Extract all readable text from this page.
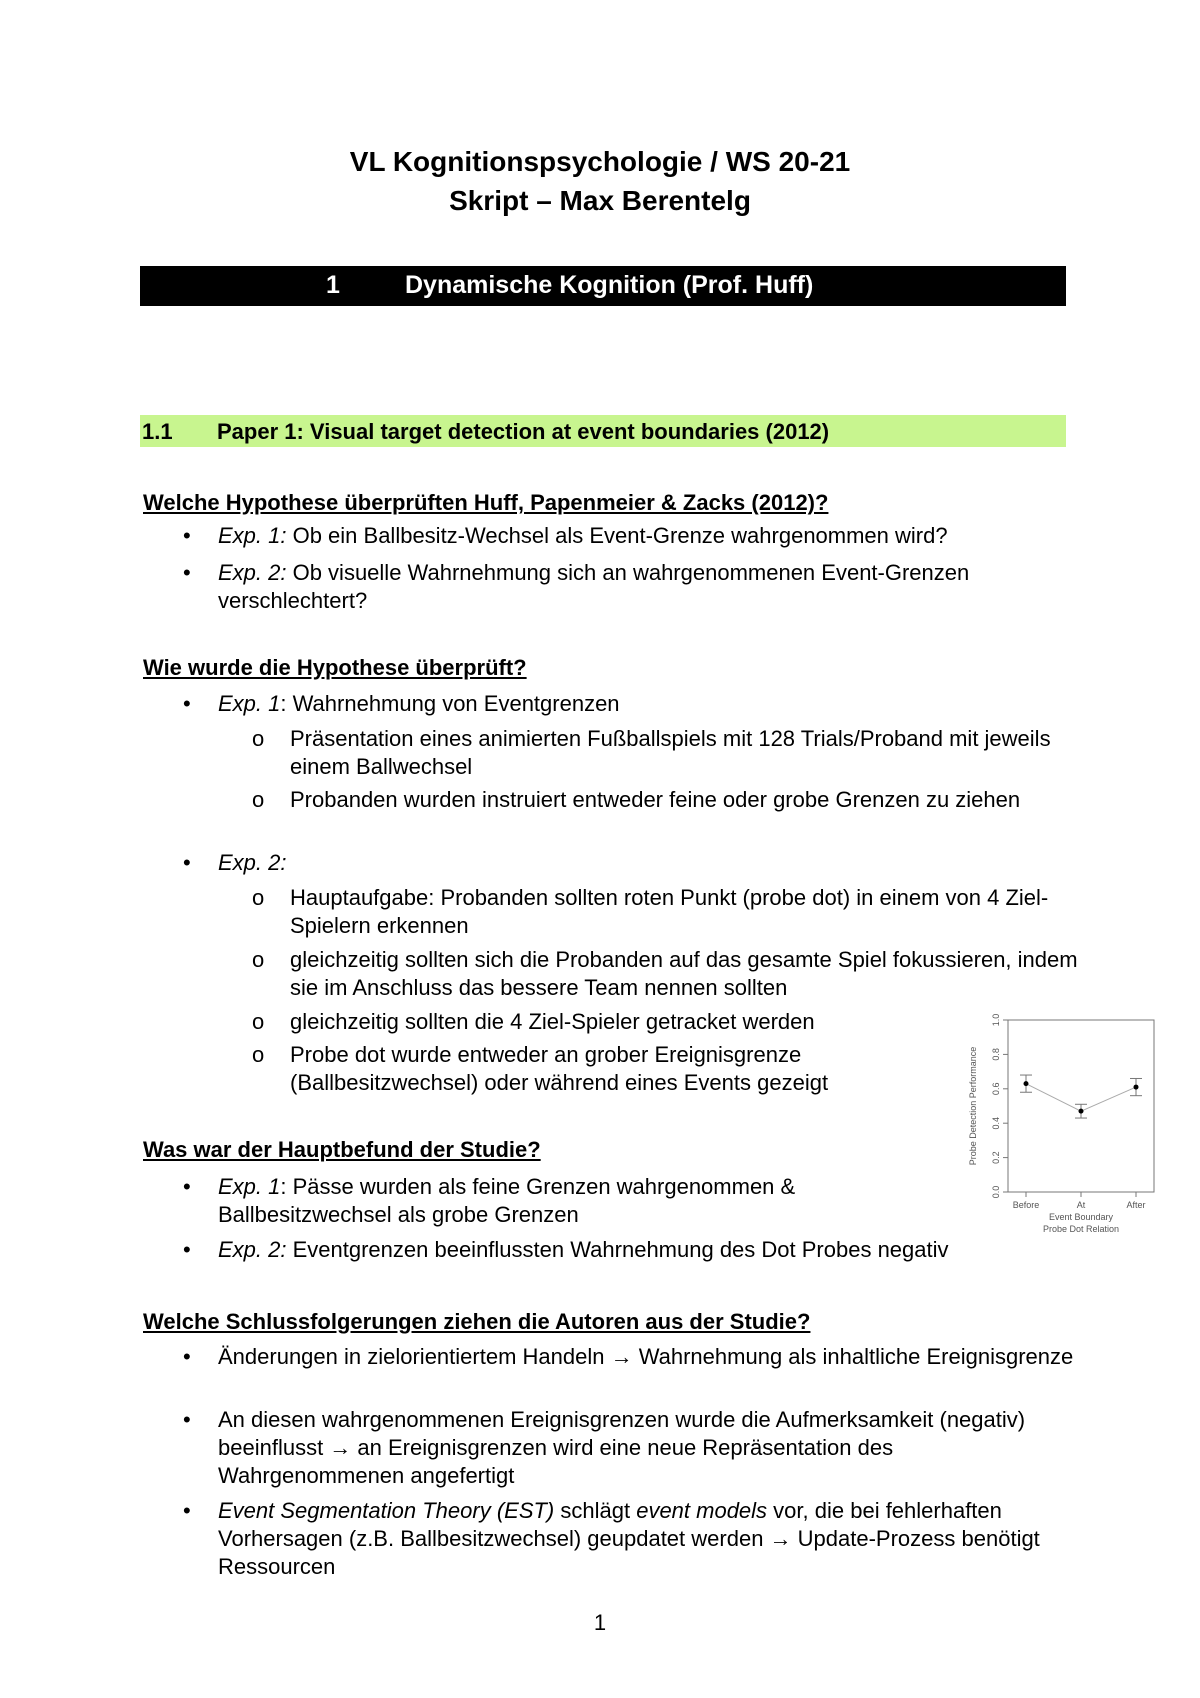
VL Kognitionspsychologie / WS 20-21
Skript – Max Berentelg
1	Dynamische Kognition (Prof. Huff)
1.1 Paper 1: Visual target detection at event boundaries (2012)
Welche Hypothese überprüften Huff, Papenmeier & Zacks (2012)?
• Exp. 1: Ob ein Ballbesitz-Wechsel als Event-Grenze wahrgenommen wird?
• Exp. 2: Ob visuelle Wahrnehmung sich an wahrgenommenen Event-Grenzen verschlechtert?
Wie wurde die Hypothese überprüft?
• Exp. 1: Wahrnehmung von Eventgrenzen
o Präsentation eines animierten Fußballspiels mit 128 Trials/Proband mit jeweils einem Ballwechsel
o Probanden wurden instruiert entweder feine oder grobe Grenzen zu ziehen
• Exp. 2:
o Hauptaufgabe: Probanden sollten roten Punkt (probe dot) in einem von 4 Ziel-Spielern erkennen
o gleichzeitig sollten sich die Probanden auf das gesamte Spiel fokussieren, indem sie im Anschluss das bessere Team nennen sollten
o gleichzeitig sollten die 4 Ziel-Spieler getracket werden
o Probe dot wurde entweder an grober Ereignisgrenze (Ballbesitzwechsel) oder während eines Events gezeigt
Was war der Hauptbefund der Studie?
• Exp. 1: Pässe wurden als feine Grenzen wahrgenommen & Ballbesitzwechsel als grobe Grenzen
• Exp. 2: Eventgrenzen beeinflussten Wahrnehmung des Dot Probes negativ
Welche Schlussfolgerungen ziehen die Autoren aus der Studie?
• Änderungen in zielorientiertem Handeln → Wahrnehmung als inhaltliche Ereignisgrenze
• An diesen wahrgenommenen Ereignisgrenzen wurde die Aufmerksamkeit (negativ) beeinflusst → an Ereignisgrenzen wird eine neue Repräsentation des Wahrgenommenen angefertigt
• Event Segmentation Theory (EST) schlägt event models vor, die bei fehlerhaften Vorhersagen (z.B. Ballbesitzwechsel) geupdatet werden → Update-Prozess benötigt Ressourcen
0.0
0.2
0.4
0.6
0.8
1.0
Probe Detection Performance
Before	At	After
Event Boundary
Probe Dot Relation
1
